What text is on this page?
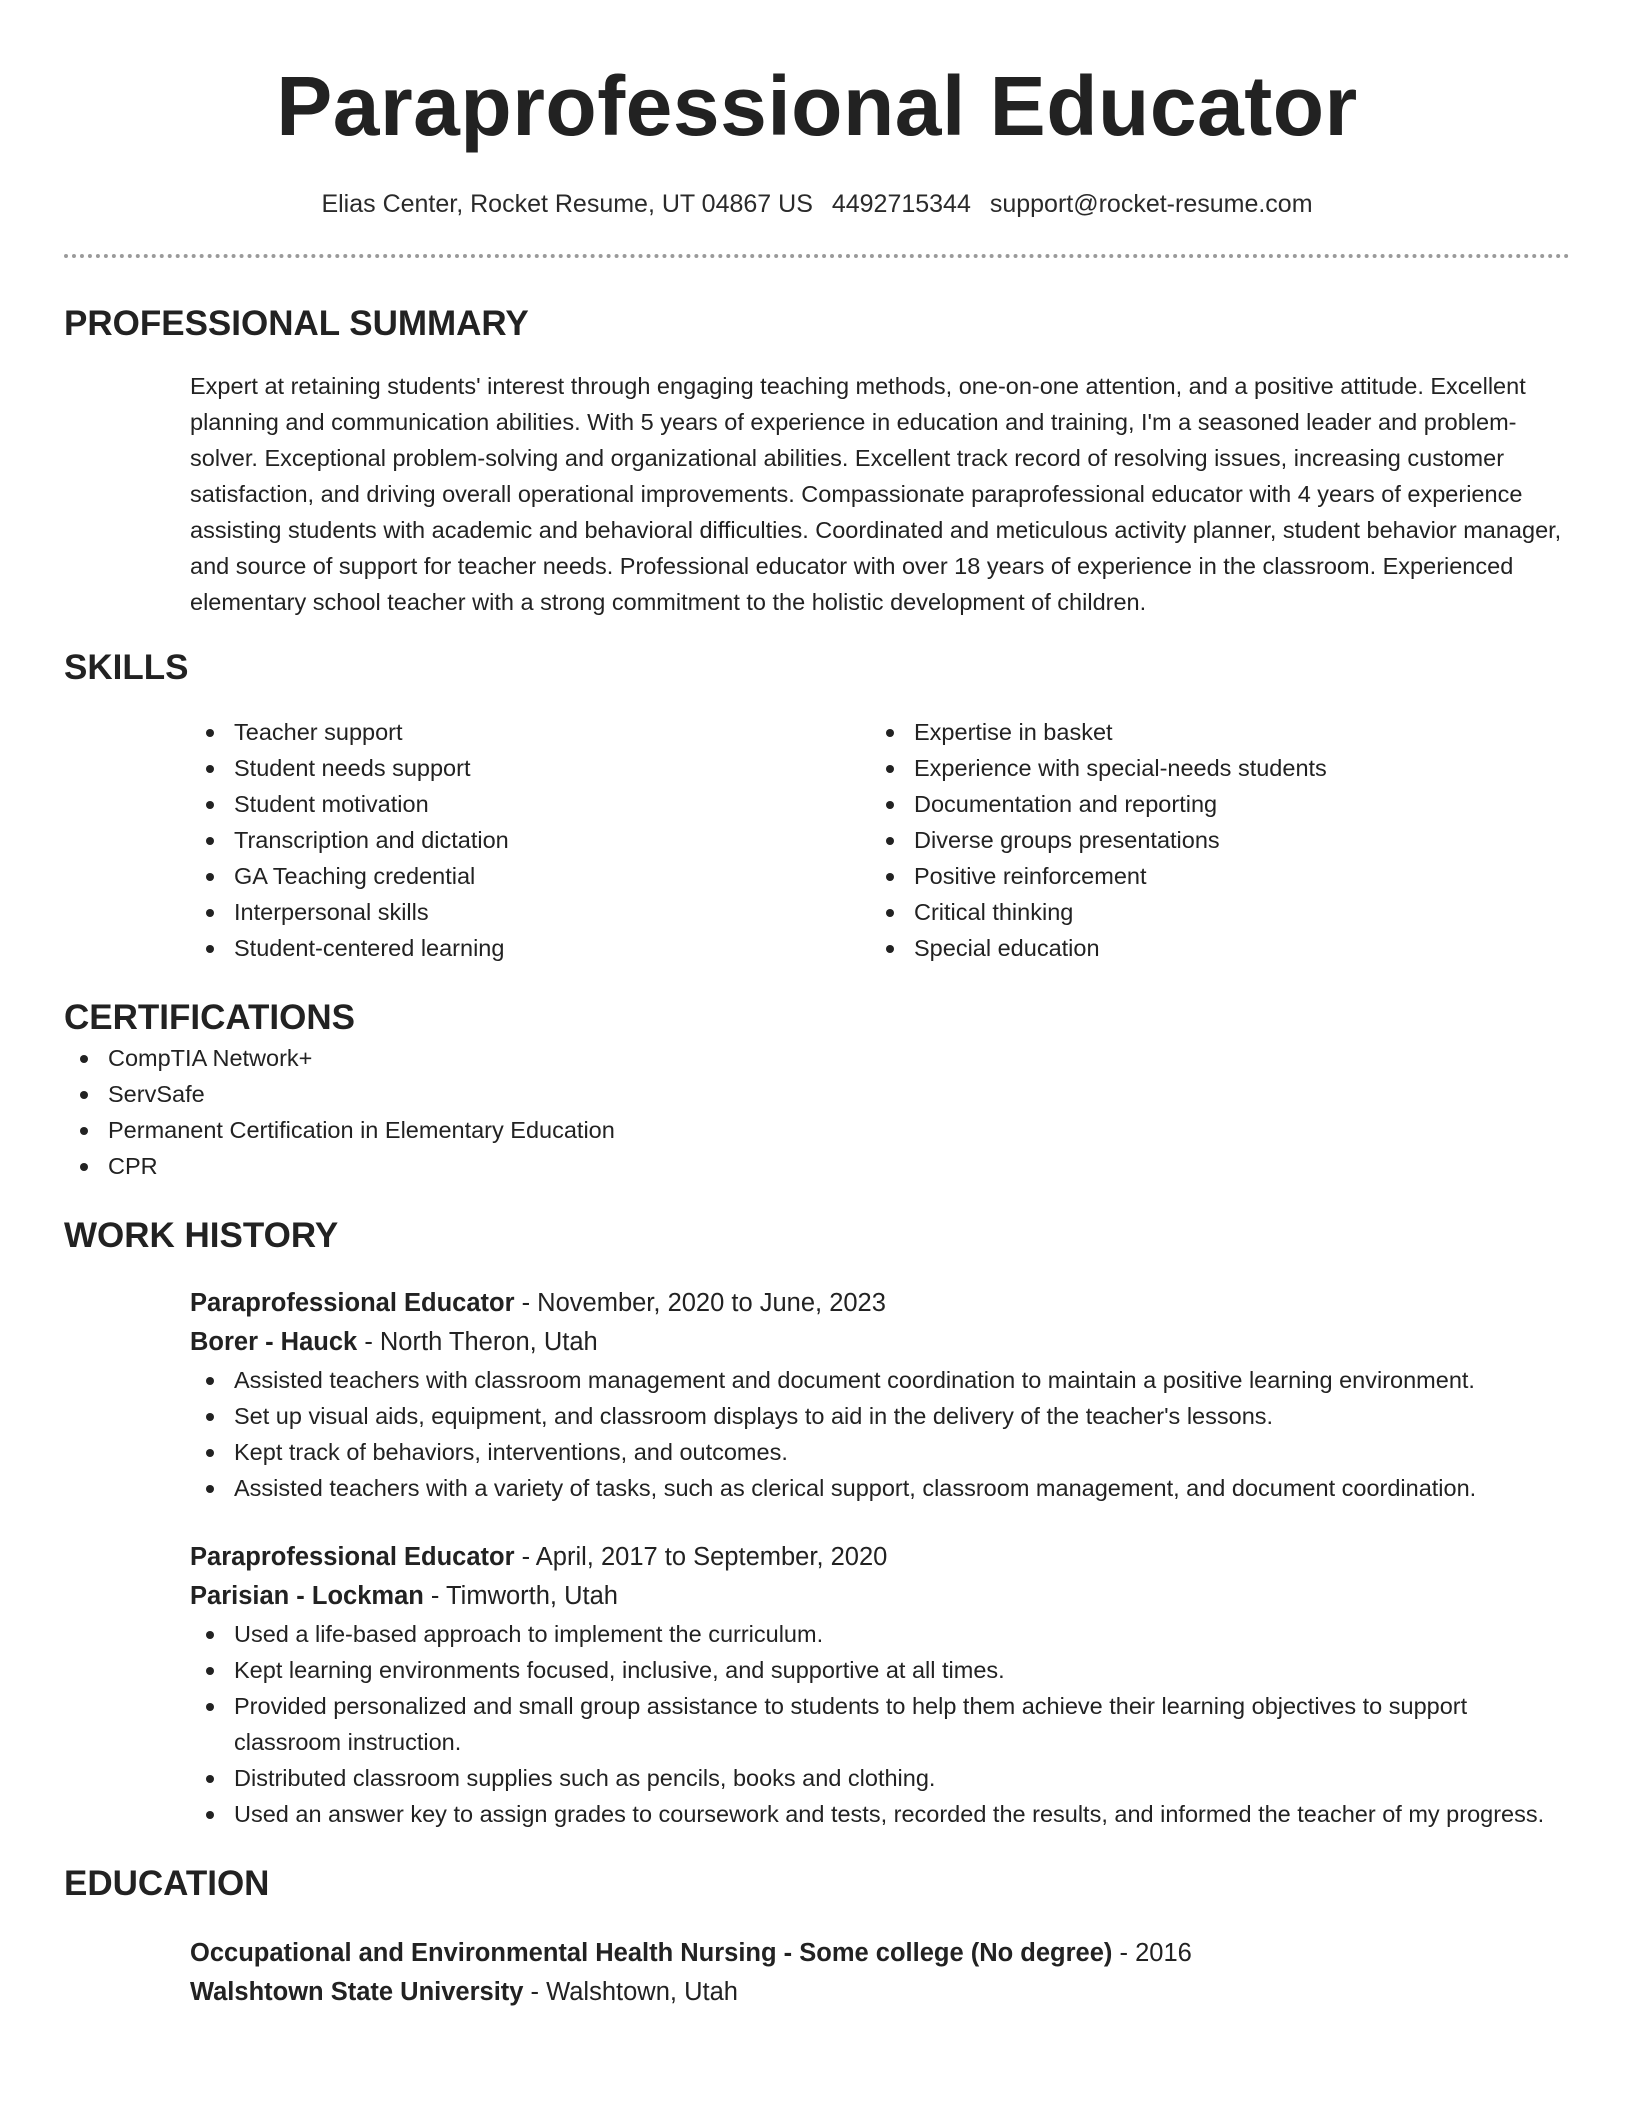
Paraprofessional Educator
Elias Center, Rocket Resume, UT 04867 US 4492715344 support@rocket-resume.com
PROFESSIONAL SUMMARY
Expert at retaining students' interest through engaging teaching methods, one-on-one attention, and a positive attitude. Excellent planning and communication abilities. With 5 years of experience in education and training, I'm a seasoned leader and problem-solver. Exceptional problem-solving and organizational abilities. Excellent track record of resolving issues, increasing customer satisfaction, and driving overall operational improvements. Compassionate paraprofessional educator with 4 years of experience assisting students with academic and behavioral difficulties. Coordinated and meticulous activity planner, student behavior manager, and source of support for teacher needs. Professional educator with over 18 years of experience in the classroom. Experienced elementary school teacher with a strong commitment to the holistic development of children.
SKILLS
Teacher support
Student needs support
Student motivation
Transcription and dictation
GA Teaching credential
Interpersonal skills
Student-centered learning
Expertise in basket
Experience with special-needs students
Documentation and reporting
Diverse groups presentations
Positive reinforcement
Critical thinking
Special education
CERTIFICATIONS
CompTIA Network+
ServSafe
Permanent Certification in Elementary Education
CPR
WORK HISTORY
Paraprofessional Educator - November, 2020 to June, 2023
Borer - Hauck - North Theron, Utah
Assisted teachers with classroom management and document coordination to maintain a positive learning environment.
Set up visual aids, equipment, and classroom displays to aid in the delivery of the teacher's lessons.
Kept track of behaviors, interventions, and outcomes.
Assisted teachers with a variety of tasks, such as clerical support, classroom management, and document coordination.
Paraprofessional Educator - April, 2017 to September, 2020
Parisian - Lockman - Timworth, Utah
Used a life-based approach to implement the curriculum.
Kept learning environments focused, inclusive, and supportive at all times.
Provided personalized and small group assistance to students to help them achieve their learning objectives to support classroom instruction.
Distributed classroom supplies such as pencils, books and clothing.
Used an answer key to assign grades to coursework and tests, recorded the results, and informed the teacher of my progress.
EDUCATION
Occupational and Environmental Health Nursing - Some college (No degree) - 2016
Walshtown State University - Walshtown, Utah
